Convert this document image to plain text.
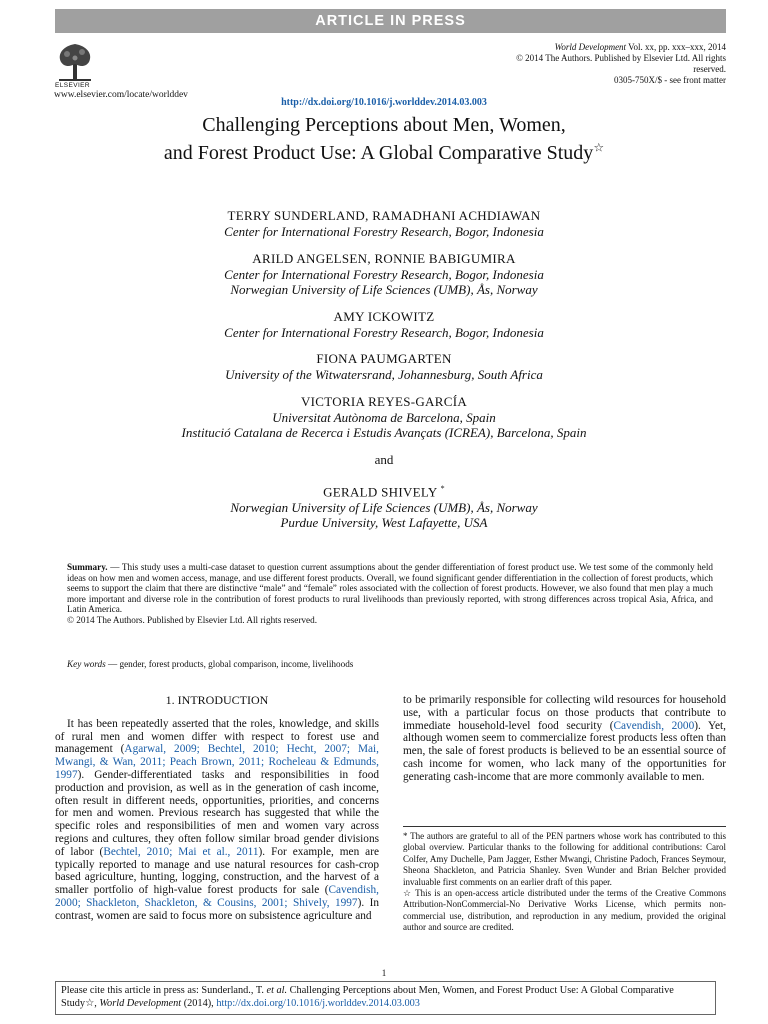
ARTICLE IN PRESS
ELSEVIER
www.elsevier.com/locate/worlddev
World Development Vol. xx, pp. xxx–xxx, 2014
© 2014 The Authors. Published by Elsevier Ltd. All rights
reserved.
0305-750X/$ - see front matter
http://dx.doi.org/10.1016/j.worlddev.2014.03.003
Challenging Perceptions about Men, Women,
and Forest Product Use: A Global Comparative Study☆
TERRY SUNDERLAND, RAMADHANI ACHDIAWAN
Center for International Forestry Research, Bogor, Indonesia
ARILD ANGELSEN, RONNIE BABIGUMIRA
Center for International Forestry Research, Bogor, Indonesia
Norwegian University of Life Sciences (UMB), Ås, Norway
AMY ICKOWITZ
Center for International Forestry Research, Bogor, Indonesia
FIONA PAUMGARTEN
University of the Witwatersrand, Johannesburg, South Africa
VICTORIA REYES-GARCÍA
Universitat Autònoma de Barcelona, Spain
Institució Catalana de Recerca i Estudis Avançats (ICREA), Barcelona, Spain
and
GERALD SHIVELY *
Norwegian University of Life Sciences (UMB), Ås, Norway
Purdue University, West Lafayette, USA
Summary. — This study uses a multi-case dataset to question current assumptions about the gender differentiation of forest product use. We test some of the commonly held ideas on how men and women access, manage, and use different forest products. Overall, we found significant gender differentiation in the collection of forest products, which seems to support the claim that there are distinctive “male” and “female” roles associated with the collection of forest products. However, we also found that men play a much more important and diverse role in the contribution of forest products to rural livelihoods than previously reported, with strong differences across tropical Asia, Africa, and Latin America.
© 2014 The Authors. Published by Elsevier Ltd. All rights reserved.
Key words — gender, forest products, global comparison, income, livelihoods
1. INTRODUCTION

It has been repeatedly asserted that the roles, knowledge, and skills of rural men and women differ with respect to forest use and management (Agarwal, 2009; Bechtel, 2010; Hecht, 2007; Mai, Mwangi, & Wan, 2011; Peach Brown, 2011; Rocheleau & Edmunds, 1997). Gender-differentiated tasks and responsibilities in food production and provision, as well as in the generation of cash income, often result in different needs, opportunities, priorities, and concerns for men and women. Previous research has suggested that while the specific roles and responsibilities of men and women vary across regions and cultures, they often follow similar broad gender divisions of labor (Bechtel, 2010; Mai et al., 2011). For example, men are typically reported to manage and use natural resources for cash-crop based agriculture, hunting, logging, construction, and the harvest of a smaller portfolio of high-value forest products for sale (Cavendish, 2000; Shackleton, Shackleton, & Cousins, 2001; Shively, 1997). In contrast, women are said to focus more on subsistence agriculture and

to be primarily responsible for collecting wild resources for household use, with a particular focus on those products that contribute to immediate household-level food security (Cavendish, 2000). Yet, although women seem to commercialize forest products less often than men, the sale of forest products is believed to be an essential source of cash income for women, who lack many of the opportunities for generating cash-income that are more commonly available to men.

* The authors are grateful to all of the PEN partners whose work has contributed to this global overview. Particular thanks to the following for additional contributions: Carol Colfer, Amy Duchelle, Pam Jagger, Esther Mwangi, Christine Padoch, Frances Seymour, Sheona Shackleton, and Patricia Shanley. Sven Wunder and Brian Belcher provided invaluable first comments on an earlier draft of this paper.

☆ This is an open-access article distributed under the terms of the Creative Commons Attribution-NonCommercial-No Derivative Works License, which permits non-commercial use, distribution, and reproduction in any medium, provided the original author and source are credited.

1
Please cite this article in press as: Sunderland., T. et al. Challenging Perceptions about Men, Women, and Forest Product Use: A Global Comparative Study☆, World Development (2014), http://dx.doi.org/10.1016/j.worlddev.2014.03.003
